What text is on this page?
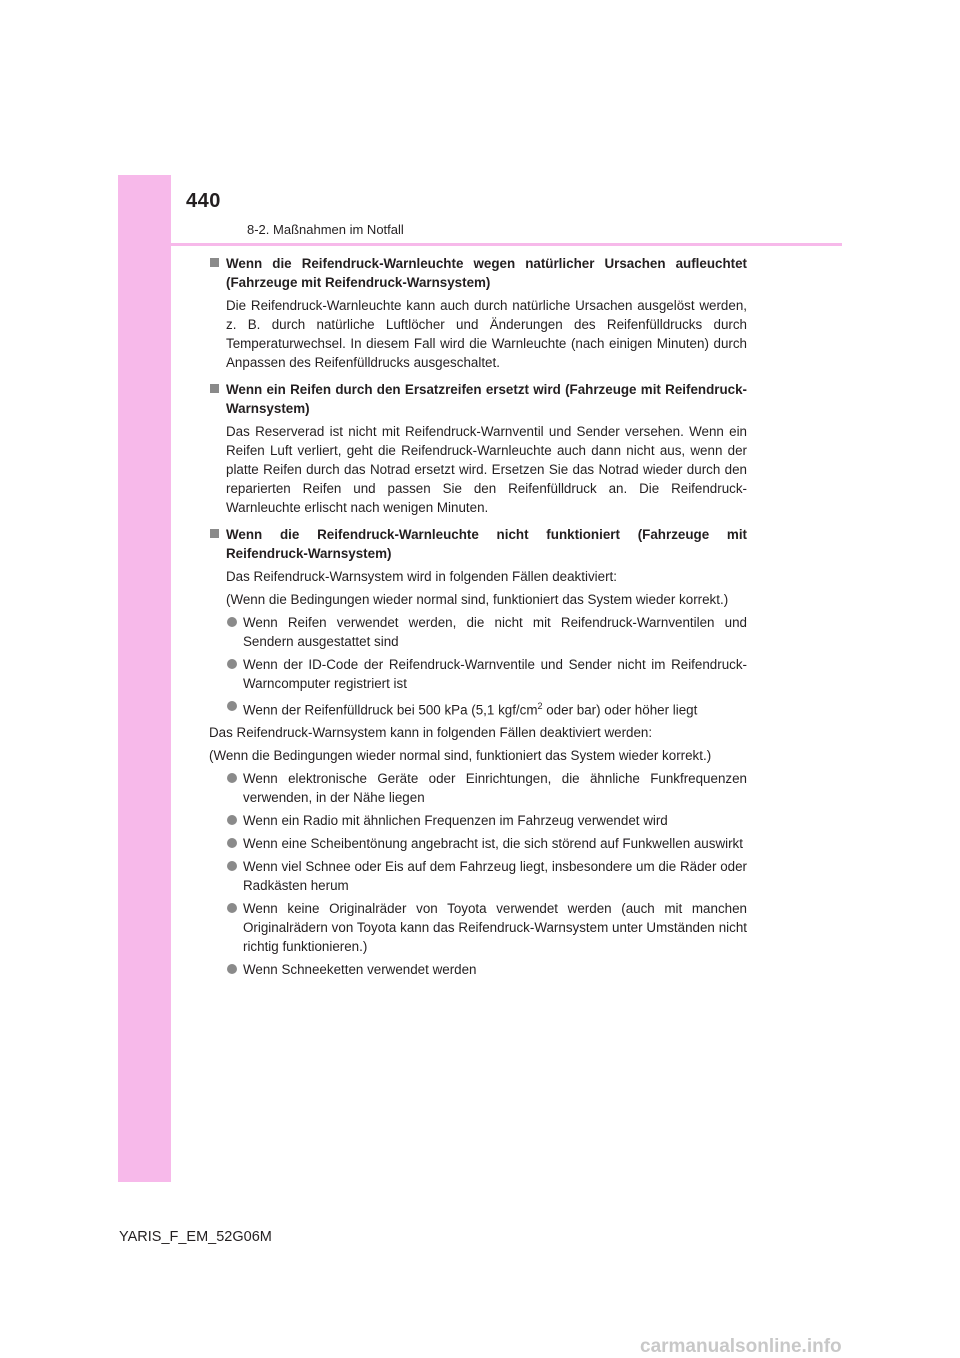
440
8-2. Maßnahmen im Notfall
Wenn die Reifendruck-Warnleuchte wegen natürlicher Ursachen aufleuchtet (Fahrzeuge mit Reifendruck-Warnsystem)
Die Reifendruck-Warnleuchte kann auch durch natürliche Ursachen ausgelöst werden, z. B. durch natürliche Luftlöcher und Änderungen des Reifenfülldrucks durch Temperaturwechsel. In diesem Fall wird die Warnleuchte (nach einigen Minuten) durch Anpassen des Reifenfülldrucks ausgeschaltet.
Wenn ein Reifen durch den Ersatzreifen ersetzt wird (Fahrzeuge mit Reifendruck-Warnsystem)
Das Reserverad ist nicht mit Reifendruck-Warnventil und Sender versehen. Wenn ein Reifen Luft verliert, geht die Reifendruck-Warnleuchte auch dann nicht aus, wenn der platte Reifen durch das Notrad ersetzt wird. Ersetzen Sie das Notrad wieder durch den reparierten Reifen und passen Sie den Reifenfülldruck an. Die Reifendruck-Warnleuchte erlischt nach wenigen Minuten.
Wenn die Reifendruck-Warnleuchte nicht funktioniert (Fahrzeuge mit Reifendruck-Warnsystem)
Das Reifendruck-Warnsystem wird in folgenden Fällen deaktiviert:
(Wenn die Bedingungen wieder normal sind, funktioniert das System wieder korrekt.)
Wenn Reifen verwendet werden, die nicht mit Reifendruck-Warnventilen und Sendern ausgestattet sind
Wenn der ID-Code der Reifendruck-Warnventile und Sender nicht im Reifendruck-Warncomputer registriert ist
Wenn der Reifenfülldruck bei 500 kPa (5,1 kgf/$cm^2$ oder bar) oder höher liegt
Das Reifendruck-Warnsystem kann in folgenden Fällen deaktiviert werden:
(Wenn die Bedingungen wieder normal sind, funktioniert das System wieder korrekt.)
Wenn elektronische Geräte oder Einrichtungen, die ähnliche Funkfrequenzen verwenden, in der Nähe liegen
Wenn ein Radio mit ähnlichen Frequenzen im Fahrzeug verwendet wird
Wenn eine Scheibentönung angebracht ist, die sich störend auf Funkwellen auswirkt
Wenn viel Schnee oder Eis auf dem Fahrzeug liegt, insbesondere um die Räder oder Radkästen herum
Wenn keine Originalräder von Toyota verwendet werden (auch mit manchen Originalrädern von Toyota kann das Reifendruck-Warnsystem unter Umständen nicht richtig funktionieren.)
Wenn Schneeketten verwendet werden
YARIS_F_EM_52G06M
carmanualsonline.info
